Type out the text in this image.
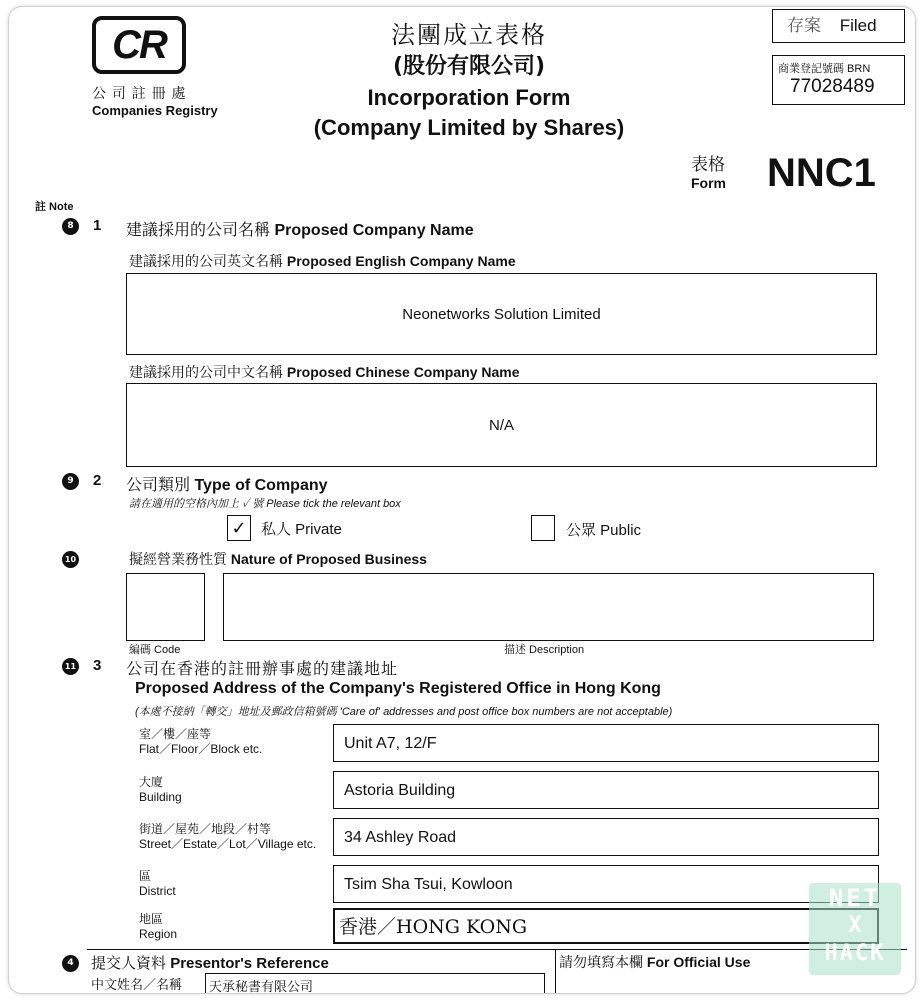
CR
公 司 註 冊 處
Companies Registry
法團成立表格
(股份有限公司)
Incorporation Form
(Company Limited by Shares)
存案 Filed
商業登記號碼 BRN
77028489
表格
Form NNC1
註 Note
8	1 建議採用的公司名稱 Proposed Company Name
建議採用的公司英文名稱 Proposed English Company Name
Neonetworks Solution Limited
建議採用的公司中文名稱 Proposed Chinese Company Name
N/A
9	2 公司類別 Type of Company
請在適用的空格內加上 ✓ 號 Please tick the relevant box
✓ 私人 Private	公眾 Public
10	擬經營業務性質 Nature of Proposed Business
編碼 Code	描述 Description
11 3 公司在香港的註冊辦事處的建議地址
Proposed Address of the Company's Registered Office in Hong Kong
(本處不接納「轉交」地址及郵政信箱號碼 'Care of' addresses and post office box numbers are not acceptable)
室／樓／座等
Flat／Floor／Block etc.	Unit A7, 12/F
大廈
Building	Astoria Building
街道／屋苑／地段／村等
Street／Estate／Lot／Village etc.	34 Ashley Road
區
District	Tsim Sha Tsui, Kowloon
地區
Region	香港／HONG KONG
4	提交人資料 Presentor's Reference	請勿填寫本欄 For Official Use
中文姓名／名稱	天承秘書有限公司
NET
X
HACK
